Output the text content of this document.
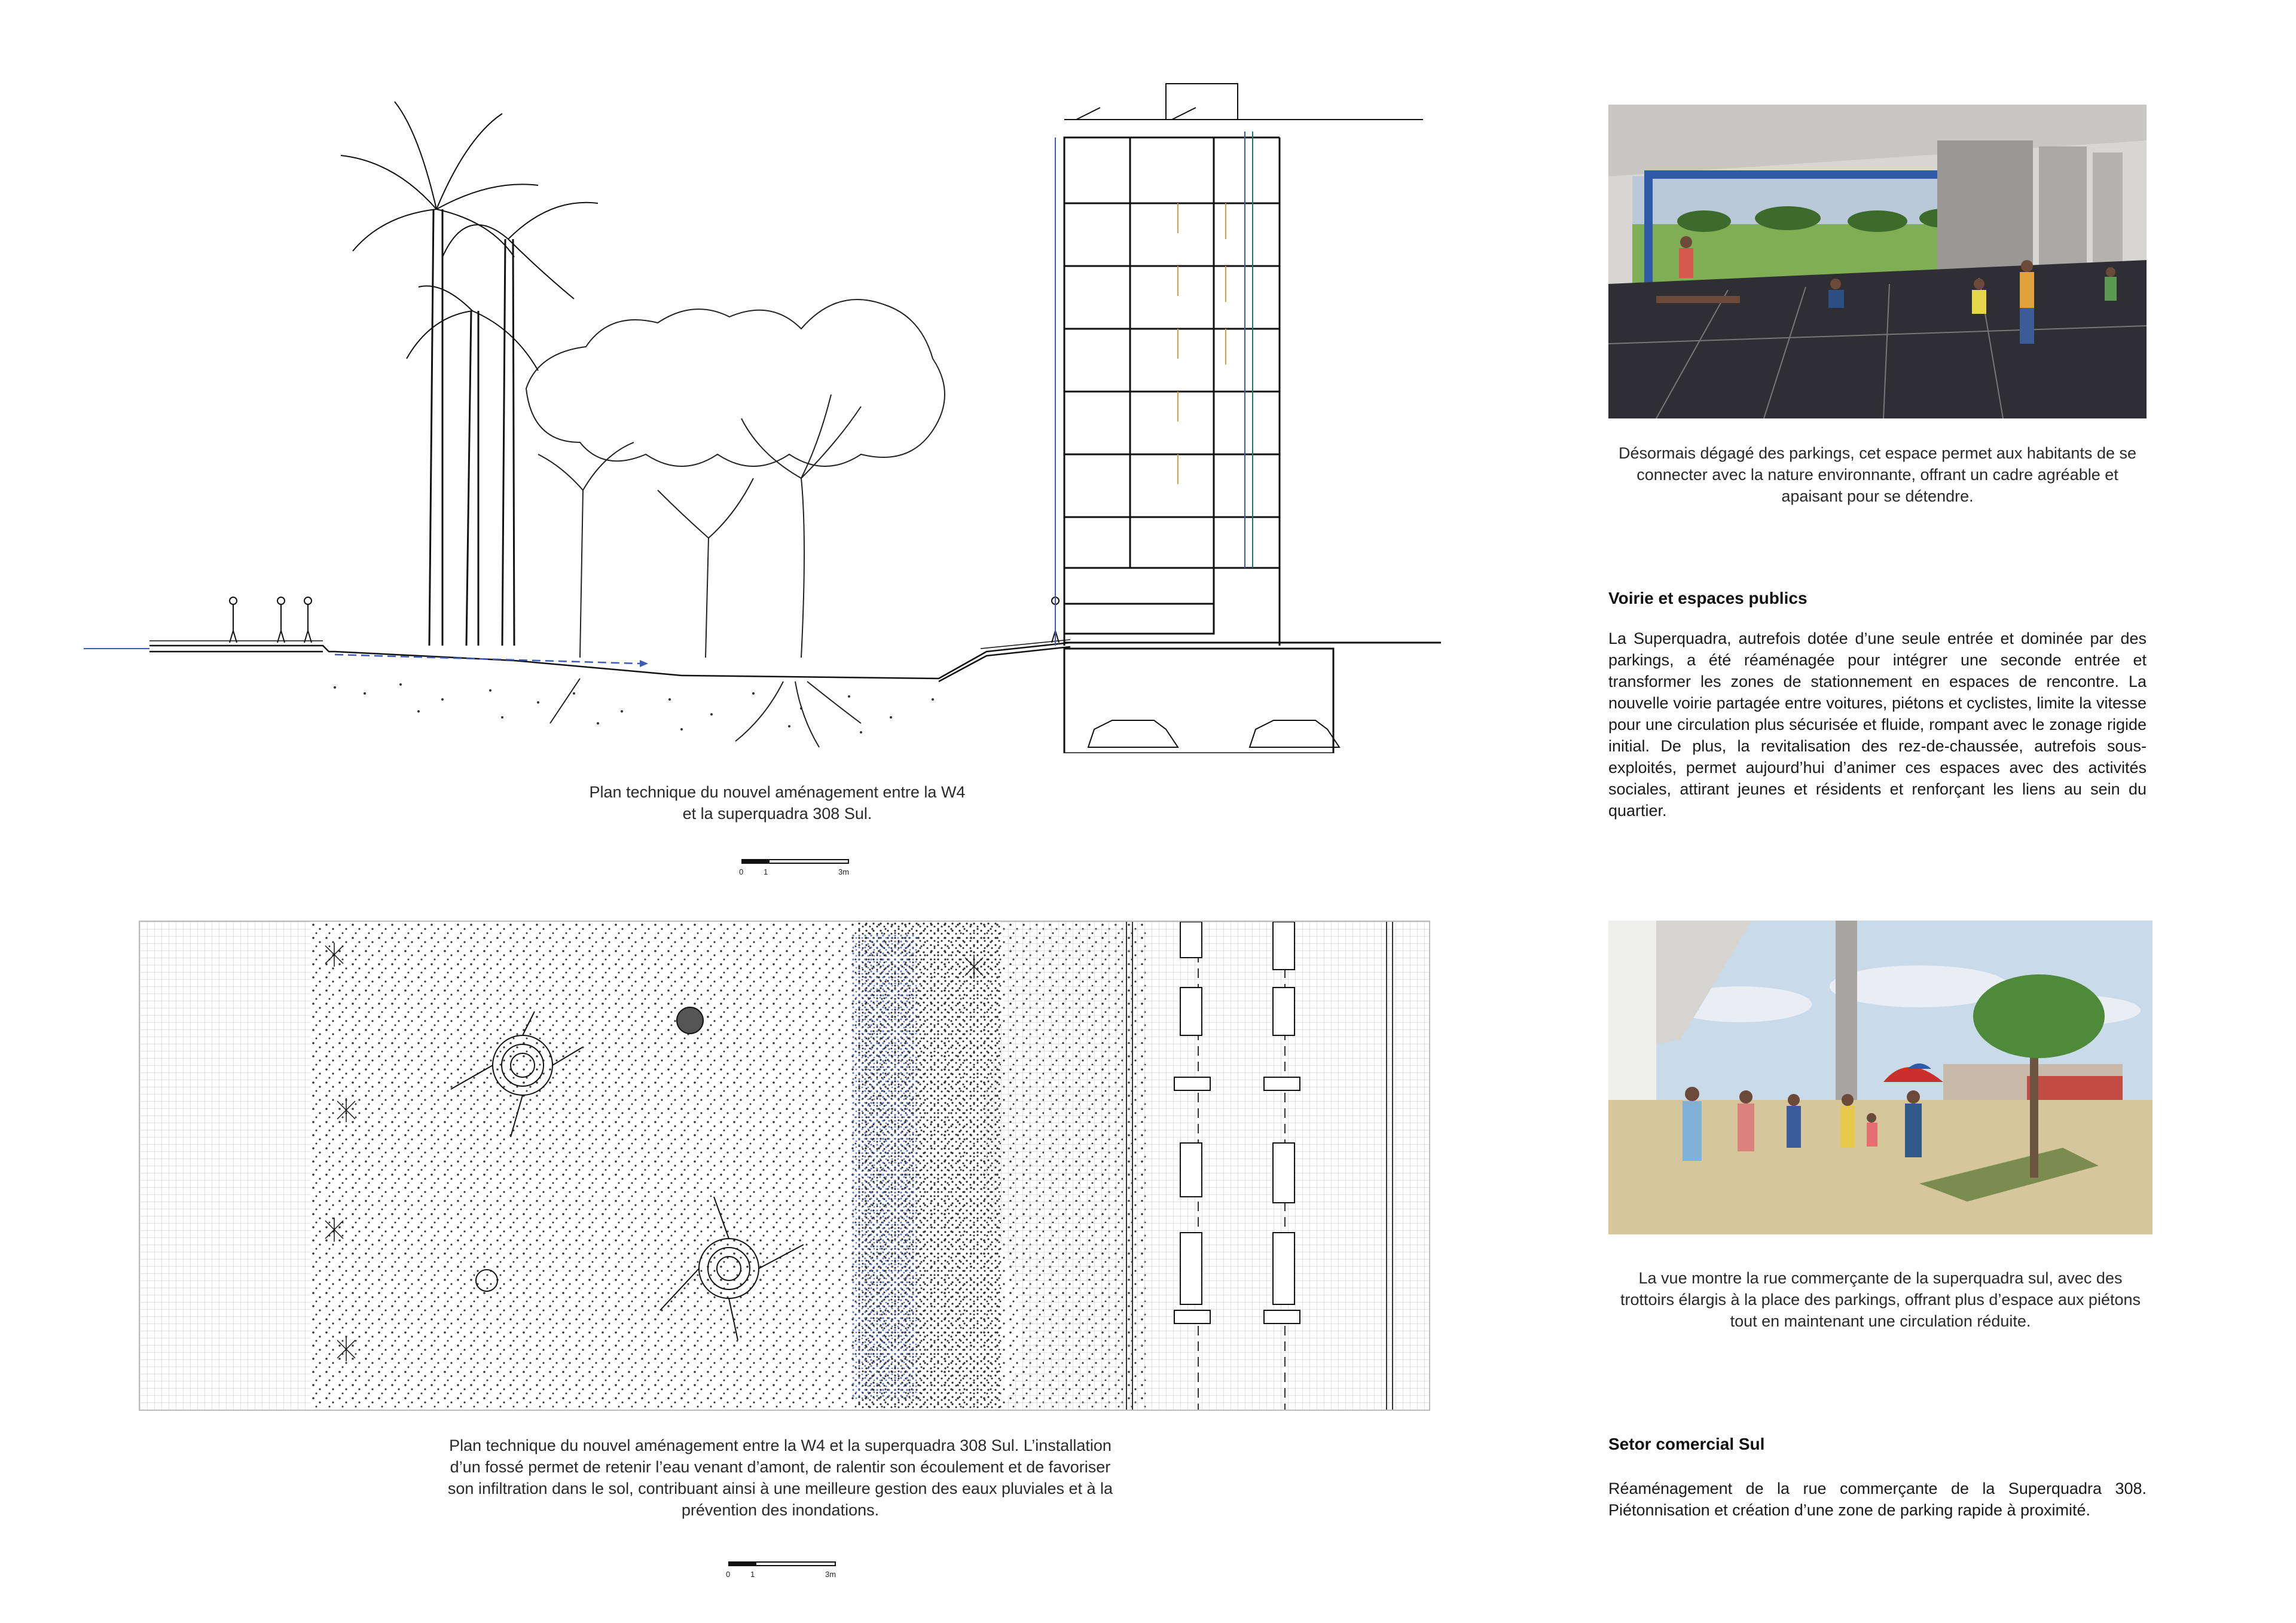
Plan technique du nouvel aménagement entre la W4
et la superquadra 308 Sul.
0	1	3m
Plan technique du nouvel aménagement entre la W4 et la superquadra 308 Sul. L’installation d’un fossé permet de retenir l’eau venant d’amont, de ralentir son écoulement et de favoriser son infiltration dans le sol, contribuant ainsi à une meilleure gestion des eaux pluviales et à la prévention des inondations.
0	1	3m
Désormais dégagé des parkings, cet espace permet aux habitants de se connecter avec la nature environnante, offrant un cadre agréable et apaisant pour se détendre.
Voirie et espaces publics
La Superquadra, autrefois dotée d’une seule entrée et dominée par des parkings, a été réaménagée pour intégrer une seconde entrée et transformer les zones de stationnement en espaces de rencontre. La nouvelle voirie partagée entre voitures, piétons et cyclistes, limite la vitesse pour une circulation plus sécurisée et fluide, rompant avec le zonage rigide initial. De plus, la revitalisation des rez-de-chaussée, autrefois sous-exploités, permet aujourd’hui d’animer ces espaces avec des activités sociales, attirant jeunes et résidents et renforçant les liens au sein du quartier.
La vue montre la rue commerçante de la superquadra sul, avec des trottoirs élargis à la place des parkings, offrant plus d’espace aux piétons tout en maintenant une circulation réduite.
Setor comercial Sul
Réaménagement de la rue commerçante de la Superquadra 308. Piétonnisation et création d’une zone de parking rapide à proximité.
